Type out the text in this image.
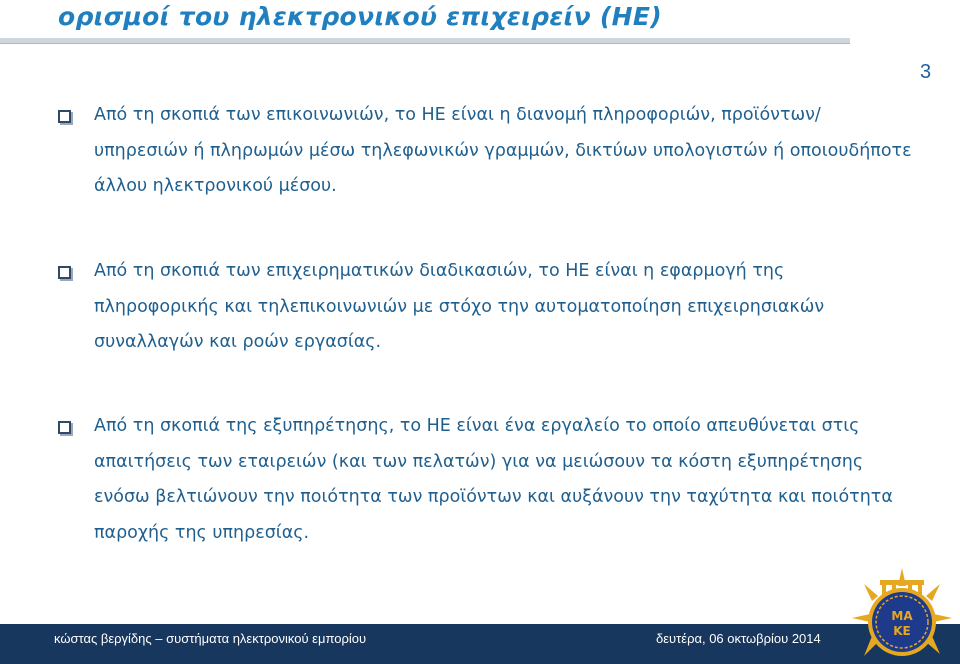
ορισμοί του ηλεκτρονικού επιχειρείν (ΗΕ)
3
Από τη σκοπιά των επικοινωνιών, το ΗΕ είναι η διανομή πληροφοριών, προϊόντων/υπηρεσιών ή πληρωμών μέσω τηλεφωνικών γραμμών, δικτύων υπολογιστών ή οποιουδήποτε άλλου ηλεκτρονικού μέσου.
Από τη σκοπιά των επιχειρηματικών διαδικασιών, το ΗΕ είναι η εφαρμογή της πληροφορικής και τηλεπικοινωνιών με στόχο την αυτοματοποίηση επιχειρησιακών συναλλαγών και ροών εργασίας.
Από τη σκοπιά της εξυπηρέτησης, το ΗΕ είναι ένα εργαλείο το οποίο απευθύνεται στις απαιτήσεις των εταιρειών (και των πελατών) για να μειώσουν τα κόστη εξυπηρέτησης ενόσω βελτιώνουν την ποιότητα των προϊόντων και αυξάνουν την ταχύτητα και ποιότητα παροχής της υπηρεσίας.
κώστας βεργίδης – συστήματα ηλεκτρονικού εμπορίου	δευτέρα, 06 οκτωβρίου 2014
ΜΑ
ΚΕ
